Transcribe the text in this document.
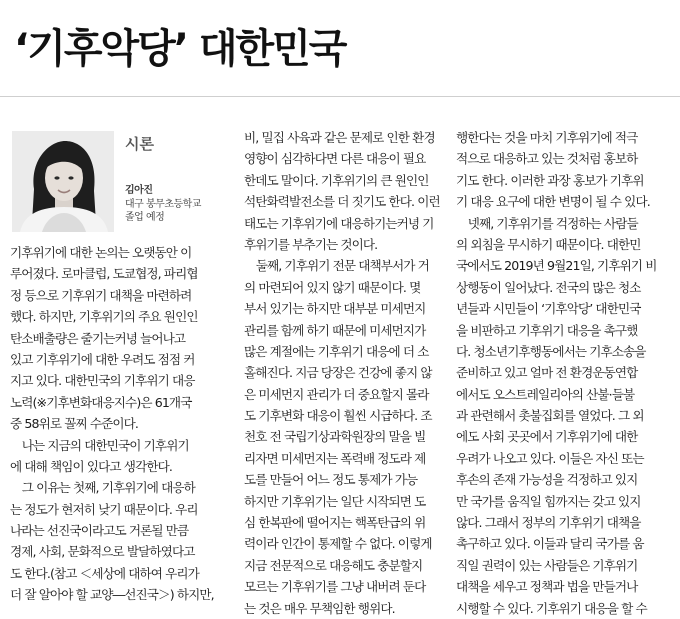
‘기후악당’ 대한민국
시론
김아진
대구 봉무초등학교
졸업 예정
기후위기에 대한 논의는 오랫동안 이
루어졌다. 로마클럽, 도쿄협정, 파리협
정 등으로 기후위기 대책을 마련하려
했다. 하지만, 기후위기의 주요 원인인
탄소배출량은 줄기는커녕 늘어나고
있고 기후위기에 대한 우려도 점점 커
지고 있다. 대한민국의 기후위기 대응
노력(※기후변화대응지수)은 61개국
중 58위로 꼴찌 수준이다.
　나는 지금의 대한민국이 기후위기
에 대해 책임이 있다고 생각한다.
　그 이유는 첫째, 기후위기에 대응하
는 정도가 현저히 낮기 때문이다. 우리
나라는 선진국이라고도 거론될 만큼
경제, 사회, 문화적으로 발달하였다고
도 한다.(참고 ＜세상에 대하여 우리가
더 잘 알아야 할 교양―선진국＞) 하지만,
비, 밀집 사육과 같은 문제로 인한 환경
영향이 심각하다면 다른 대응이 필요
한데도 말이다. 기후위기의 큰 원인인
석탄화력발전소를 더 짓기도 한다. 이런
태도는 기후위기에 대응하기는커녕 기
후위기를 부추기는 것이다.
　둘째, 기후위기 전문 대책부서가 거
의 마련되어 있지 않기 때문이다. 몇
부서 있기는 하지만 대부분 미세먼지
관리를 함께 하기 때문에 미세먼지가
많은 계절에는 기후위기 대응에 더 소
홀해진다. 지금 당장은 건강에 좋지 않
은 미세먼지 관리가 더 중요할지 몰라
도 기후변화 대응이 훨씬 시급하다. 조
천호 전 국립기상과학원장의 말을 빌
리자면 미세먼지는 폭력배 정도라 제
도를 만들어 어느 정도 통제가 가능
하지만 기후위기는 일단 시작되면 도
심 한복판에 떨어지는 핵폭탄급의 위
력이라 인간이 통제할 수 없다. 이렇게
지금 전문적으로 대응해도 충분할지
모르는 기후위기를 그냥 내버려 둔다
는 것은 매우 무책임한 행위다.
행한다는 것을 마치 기후위기에 적극
적으로 대응하고 있는 것처럼 홍보하
기도 한다. 이러한 과장 홍보가 기후위
기 대응 요구에 대한 변명이 될 수 있다.
　넷째, 기후위기를 걱정하는 사람들
의 외침을 무시하기 때문이다. 대한민
국에서도 2019년 9월21일, 기후위기 비
상행동이 일어났다. 전국의 많은 청소
년들과 시민들이 ‘기후악당’ 대한민국
을 비판하고 기후위기 대응을 촉구했
다. 청소년기후행동에서는 기후소송을
준비하고 있고 얼마 전 환경운동연합
에서도 오스트레일리아의 산불·들불
과 관련해서 촛불집회를 열었다. 그 외
에도 사회 곳곳에서 기후위기에 대한
우려가 나오고 있다. 이들은 자신 또는
후손의 존재 가능성을 걱정하고 있지
만 국가를 움직일 힘까지는 갖고 있지
않다. 그래서 정부의 기후위기 대책을
촉구하고 있다. 이들과 달리 국가를 움
직일 권력이 있는 사람들은 기후위기
대책을 세우고 정책과 법을 만들거나
시행할 수 있다. 기후위기 대응을 할 수
